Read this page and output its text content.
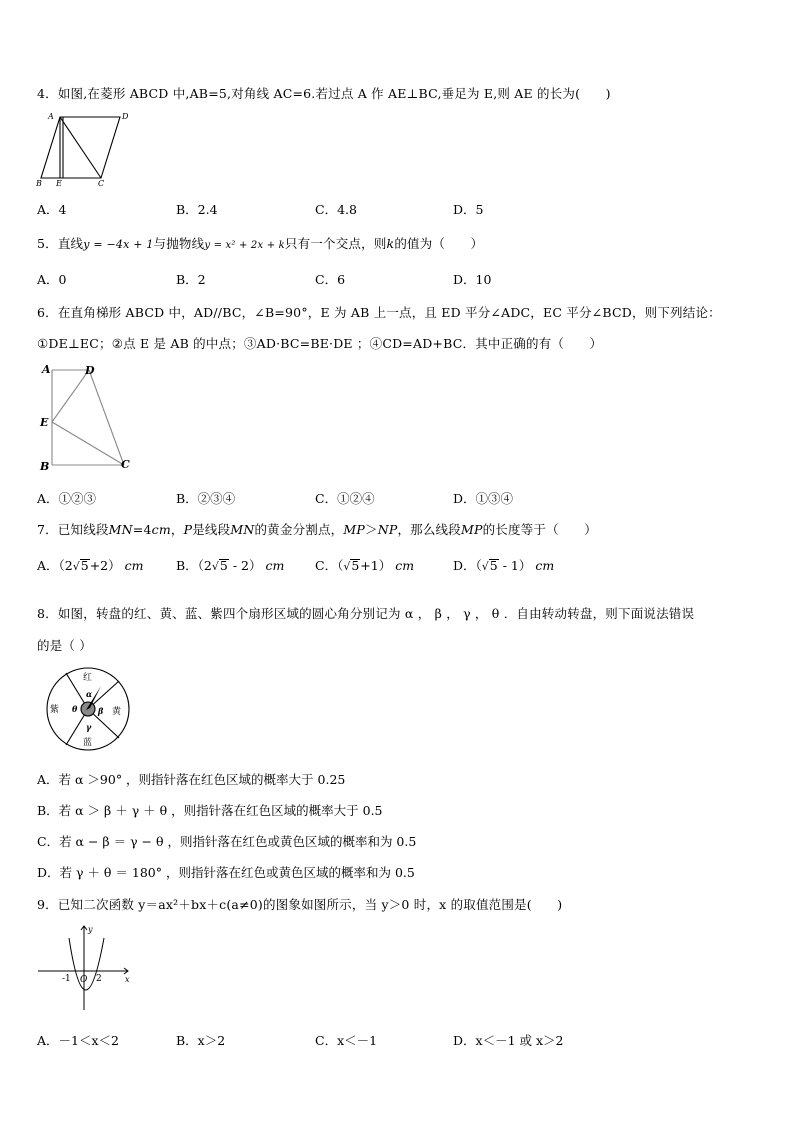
4．如图,在菱形 ABCD 中,AB=5,对角线 AC=6.若过点 A 作 AE⊥BC,垂足为 E,则 AE 的长为(　　)
A	D
B E	C
A．4	B．2.4	C．4.8	D．5
5．直线y = −4x + 1与抛物线y = x² + 2x + k只有一个交点，则k的值为（　　）
A．0	B．2	C．6	D．10
6．在直角梯形 ABCD 中，AD//BC，∠B=90°，E 为 AB 上一点，且 ED 平分∠ADC，EC 平分∠BCD，则下列结论：
①DE⊥EC；②点 E 是 AB 的中点；③AD·BC=BE·DE ；④CD=AD+BC．其中正确的有（　　）
A	D
E
B	C
A．①②③	B．②③④	C．①②④	D．①③④
7．已知线段MN=4cm，P是线段MN的黄金分割点，MP＞NP，那么线段MP的长度等于（　　）
A．（2√5+2） cm	B．（2√5 - 2） cm C．（√5+1） cm	D．（√5 - 1） cm
8．如图，转盘的红、黄、蓝、紫四个扇形区域的圆心角分别记为 α ， β ， γ ， θ ．自由转动转盘，则下面说法错误
的是（ ）
红
黄
蓝
紫
α
β
γ
θ
A．若 α ＞90° ，则指针落在红色区域的概率大于 0.25
B．若 α ＞ β ＋ γ ＋ θ ，则指针落在红色区域的概率大于 0.5
C．若 α − β ＝ γ − θ ，则指针落在红色或黄色区域的概率和为 0.5
D．若 γ ＋ θ ＝ 180° ，则指针落在红色或黄色区域的概率和为 0.5
9．已知二次函数 y＝ax²＋bx＋c(a≠0)的图象如图所示，当 y＞0 时，x 的取值范围是(　　)
y
x
-1 O 2
A．－1＜x＜2	B．x＞2	C．x＜－1	D．x＜－1 或 x＞2
